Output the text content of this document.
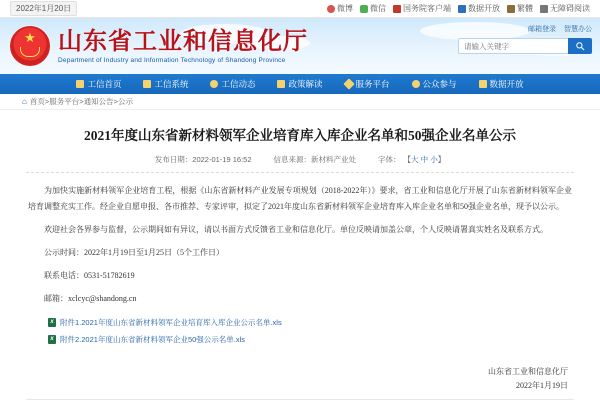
2022年1月20日	微博 微信 国务院客户端 数据开放 繁體 无障碍阅读
★
山东省工业和信息化厅
Department of Industry and Information Technology of Shandong Province
邮箱登录 智慧办公
请输入关键字
工信首页	工信系统	工信动态	政策解读	服务平台	公众参与	数据开放
⌂ 首页>服务平台>通知公告>公示
2021年度山东省新材料领军企业培育库入库企业名单和50强企业名单公示
发布日期：2022-01-19 16:52	信息来源：新材料产业处	字体： 【大 中 小】

为加快实施新材料领军企业培育工程，根据《山东省新材料产业发展专项规划（2018-2022年）》要求，省工业和信息化厅开展了山东省新材料领军企业培育调整充实工作。经企业自愿申报、各市推荐、专家评审，拟定了2021年度山东省新材料领军企业培育库入库企业名单和50强企业名单，现予以公示。

欢迎社会各界参与监督，公示期间如有异议，请以书面方式反馈省工业和信息化厅。单位反映请加盖公章，个人反映请署真实姓名及联系方式。

公示时间：2022年1月19日至1月25日（5个工作日）

联系电话：0531-51782619

邮箱：xclcyc@shandong.cn

x
附件1.2021年度山东省新材料领军企业培育库入库企业公示名单.xls
x
附件2.2021年度山东省新材料领军企业50强公示名单.xls
山东省工业和信息化厅
2022年1月19日
